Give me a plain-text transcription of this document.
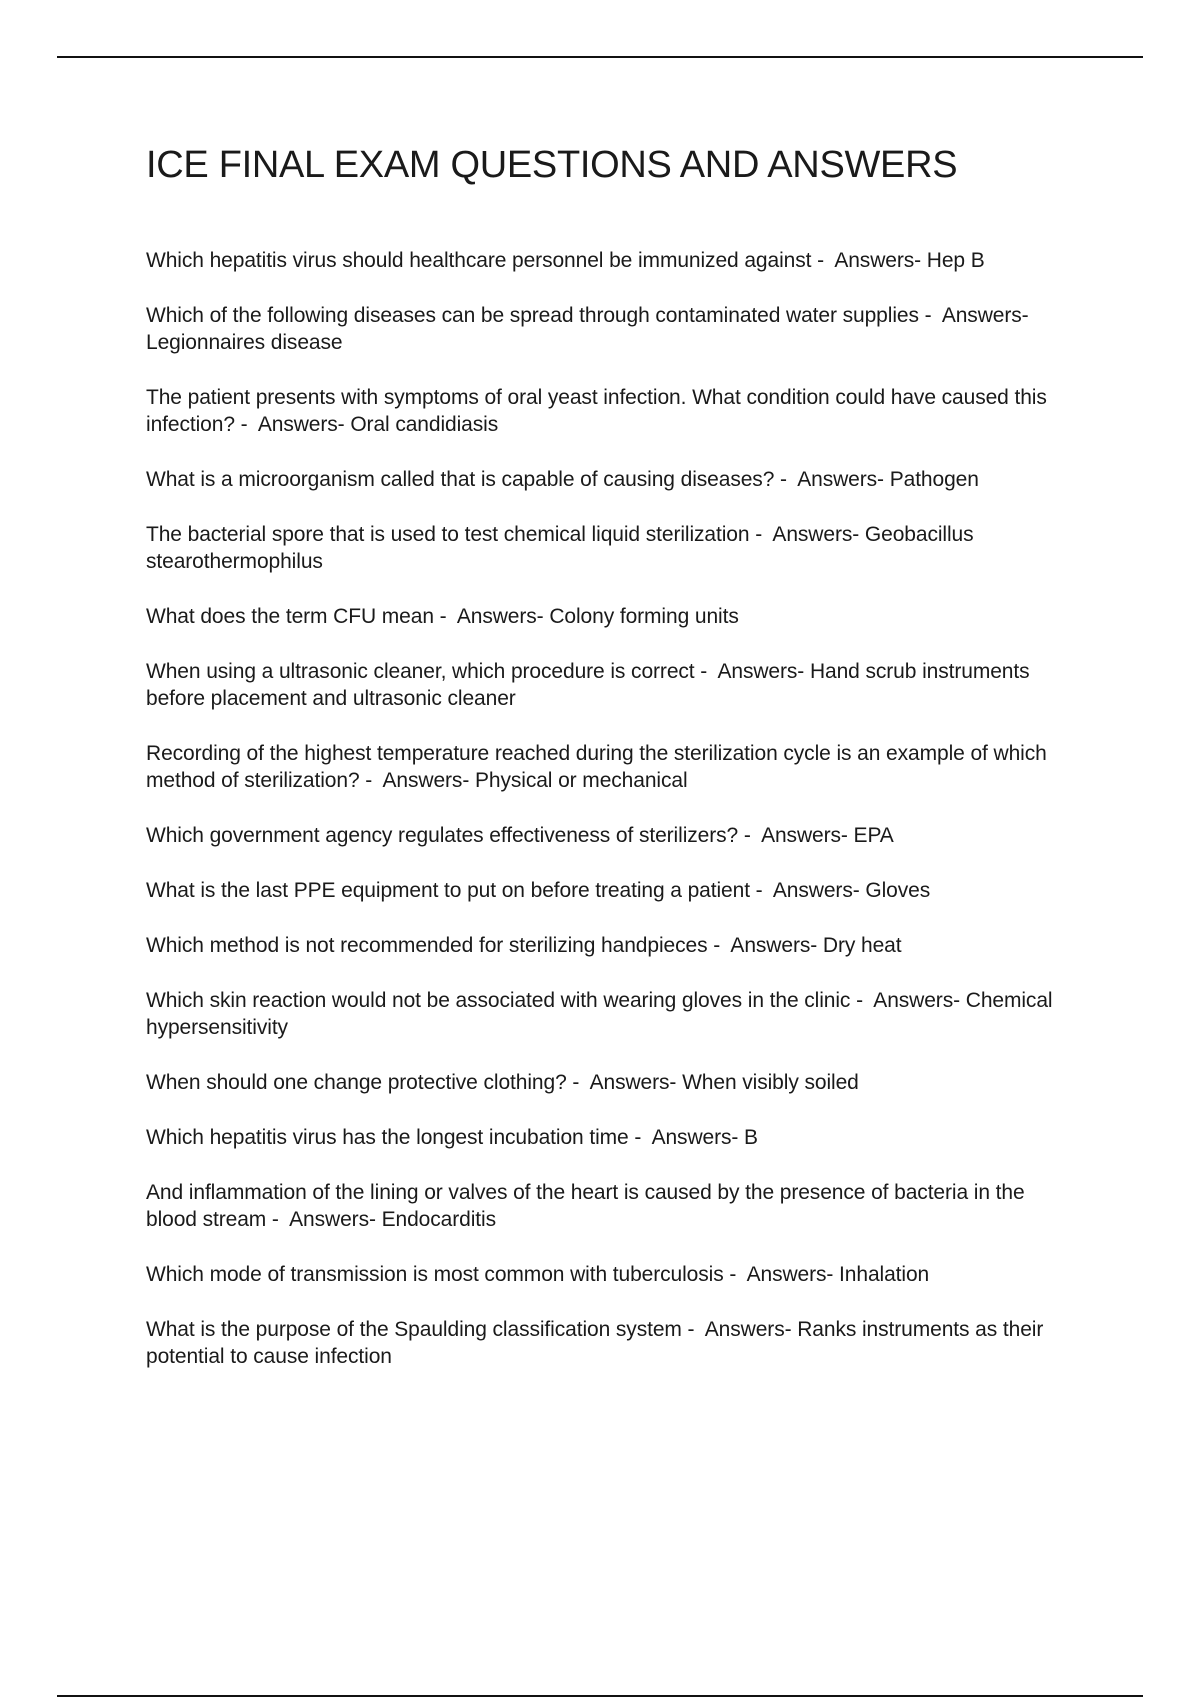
ICE FINAL EXAM QUESTIONS AND ANSWERS
Which hepatitis virus should healthcare personnel be immunized against - Answers- Hep B
Which of the following diseases can be spread through contaminated water supplies - Answers- Legionnaires disease
The patient presents with symptoms of oral yeast infection. What condition could have caused this infection? - Answers- Oral candidiasis
What is a microorganism called that is capable of causing diseases? - Answers- Pathogen
The bacterial spore that is used to test chemical liquid sterilization - Answers- Geobacillus stearothermophilus
What does the term CFU mean - Answers- Colony forming units
When using a ultrasonic cleaner, which procedure is correct - Answers- Hand scrub instruments before placement and ultrasonic cleaner
Recording of the highest temperature reached during the sterilization cycle is an example of which method of sterilization? - Answers- Physical or mechanical
Which government agency regulates effectiveness of sterilizers? - Answers- EPA
What is the last PPE equipment to put on before treating a patient - Answers- Gloves
Which method is not recommended for sterilizing handpieces - Answers- Dry heat
Which skin reaction would not be associated with wearing gloves in the clinic - Answers- Chemical hypersensitivity
When should one change protective clothing? - Answers- When visibly soiled
Which hepatitis virus has the longest incubation time - Answers- B
And inflammation of the lining or valves of the heart is caused by the presence of bacteria in the blood stream - Answers- Endocarditis
Which mode of transmission is most common with tuberculosis - Answers- Inhalation
What is the purpose of the Spaulding classification system - Answers- Ranks instruments as their potential to cause infection
